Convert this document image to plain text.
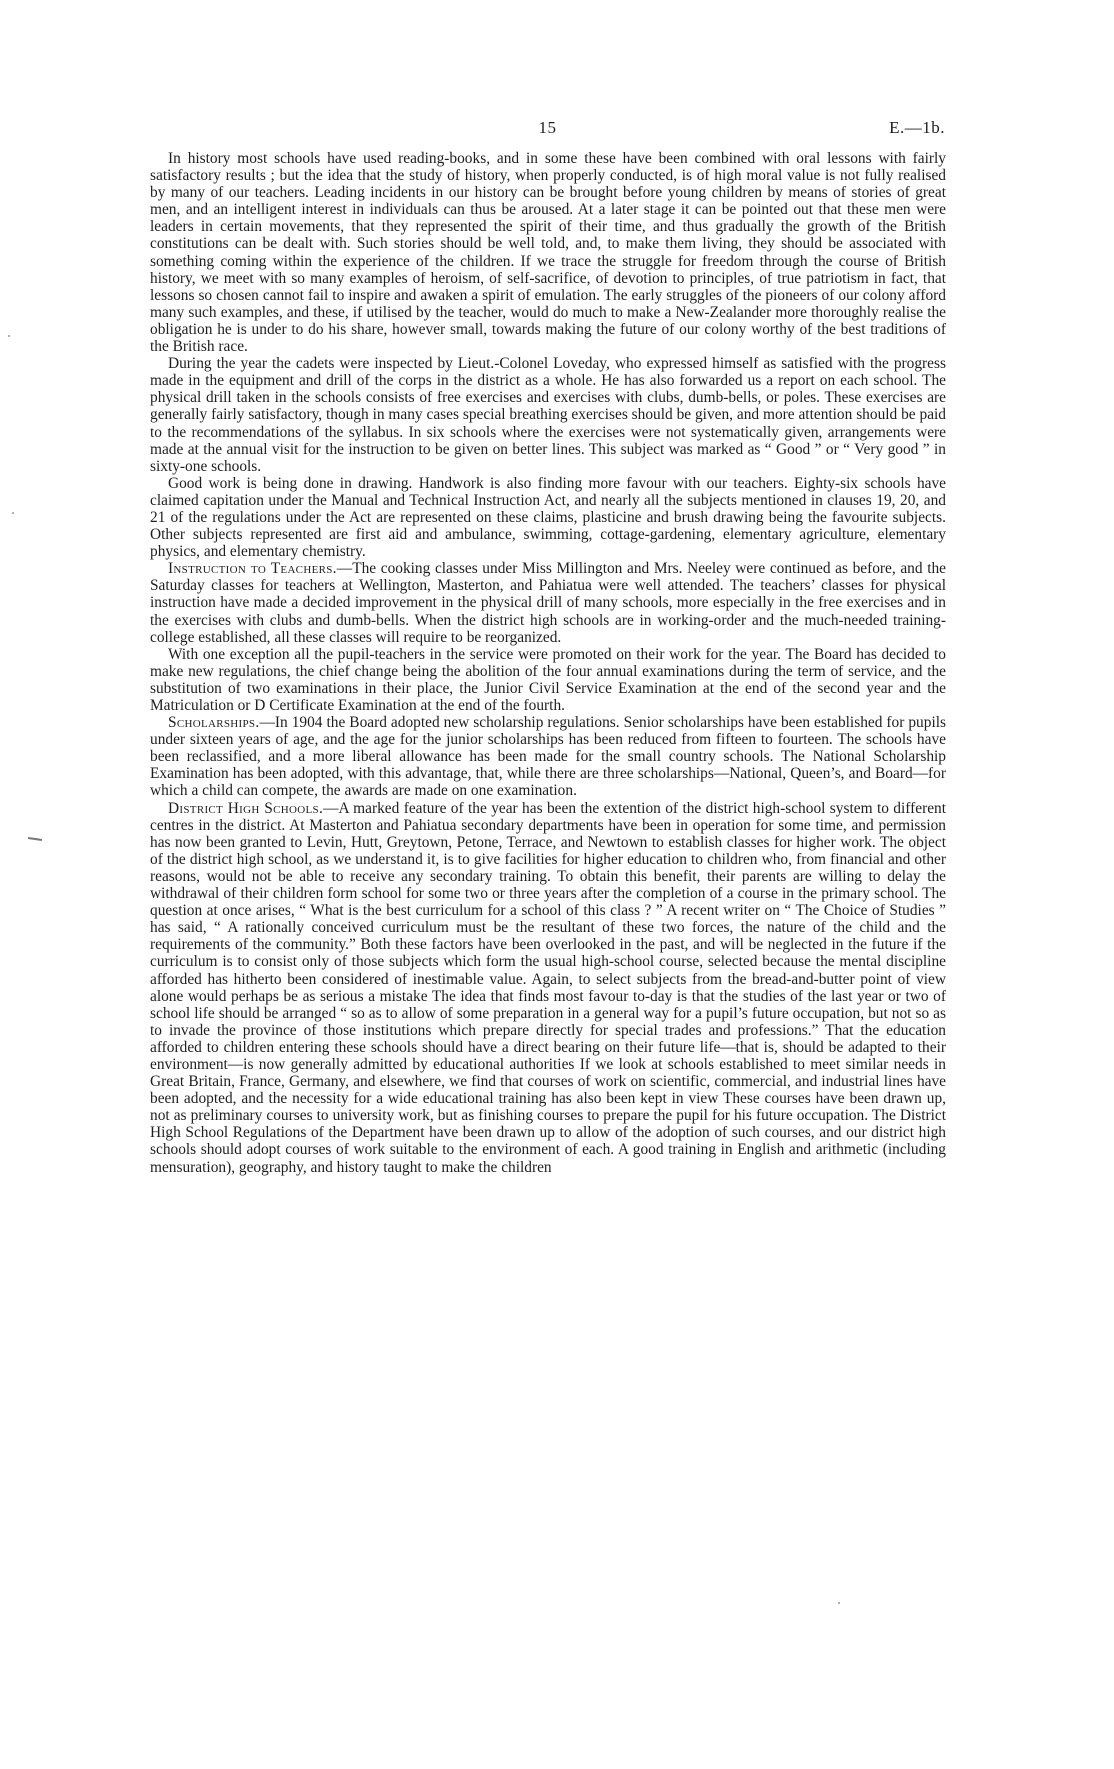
15	E.—1b.

In history most schools have used reading-books, and in some these have been combined with oral lessons with fairly satisfactory results ; but the idea that the study of history, when properly conducted, is of high moral value is not fully realised by many of our teachers. Leading incidents in our history can be brought before young children by means of stories of great men, and an intelligent interest in individuals can thus be aroused. At a later stage it can be pointed out that these men were leaders in certain movements, that they represented the spirit of their time, and thus gradually the growth of the British constitutions can be dealt with. Such stories should be well told, and, to make them living, they should be associated with something coming within the experience of the children. If we trace the struggle for freedom through the course of British history, we meet with so many examples of heroism, of self-sacrifice, of devotion to principles, of true patriotism in fact, that lessons so chosen cannot fail to inspire and awaken a spirit of emulation. The early struggles of the pioneers of our colony afford many such examples, and these, if utilised by the teacher, would do much to make a New-Zealander more thoroughly realise the obligation he is under to do his share, however small, towards making the future of our colony worthy of the best traditions of the British race.

During the year the cadets were inspected by Lieut.-Colonel Loveday, who expressed himself as satisfied with the progress made in the equipment and drill of the corps in the district as a whole. He has also forwarded us a report on each school. The physical drill taken in the schools consists of free exercises and exercises with clubs, dumb-bells, or poles. These exercises are generally fairly satisfactory, though in many cases special breathing exercises should be given, and more attention should be paid to the recommendations of the syllabus. In six schools where the exercises were not systematically given, arrangements were made at the annual visit for the instruction to be given on better lines. This subject was marked as “ Good ” or “ Very good ” in sixty-one schools.

Good work is being done in drawing. Handwork is also finding more favour with our teachers. Eighty-six schools have claimed capitation under the Manual and Technical Instruction Act, and nearly all the subjects mentioned in clauses 19, 20, and 21 of the regulations under the Act are represented on these claims, plasticine and brush drawing being the favourite subjects. Other subjects represented are first aid and ambulance, swimming, cottage-gardening, elementary agriculture, elementary physics, and elementary chemistry.

Instruction to Teachers.—The cooking classes under Miss Millington and Mrs. Neeley were continued as before, and the Saturday classes for teachers at Wellington, Masterton, and Pahiatua were well attended. The teachers’ classes for physical instruction have made a decided improvement in the physical drill of many schools, more especially in the free exercises and in the exercises with clubs and dumb-bells. When the district high schools are in working-order and the much-needed training-college established, all these classes will require to be reorganized.

With one exception all the pupil-teachers in the service were promoted on their work for the year. The Board has decided to make new regulations, the chief change being the abolition of the four annual examinations during the term of service, and the substitution of two examinations in their place, the Junior Civil Service Examination at the end of the second year and the Matriculation or D Certificate Examination at the end of the fourth.

Scholarships.—In 1904 the Board adopted new scholarship regulations. Senior scholarships have been established for pupils under sixteen years of age, and the age for the junior scholarships has been reduced from fifteen to fourteen. The schools have been reclassified, and a more liberal allowance has been made for the small country schools. The National Scholarship Examination has been adopted, with this advantage, that, while there are three scholarships—National, Queen’s, and Board—for which a child can compete, the awards are made on one examination.

District High Schools.—A marked feature of the year has been the extention of the district high-school system to different centres in the district. At Masterton and Pahiatua secondary departments have been in operation for some time, and permission has now been granted to Levin, Hutt, Greytown, Petone, Terrace, and Newtown to establish classes for higher work. The object of the district high school, as we understand it, is to give facilities for higher education to children who, from financial and other reasons, would not be able to receive any secondary training. To obtain this benefit, their parents are willing to delay the withdrawal of their children form school for some two or three years after the completion of a course in the primary school. The question at once arises, “ What is the best curriculum for a school of this class ? ” A recent writer on “ The Choice of Studies ” has said, “ A rationally conceived curriculum must be the resultant of these two forces, the nature of the child and the requirements of the community.” Both these factors have been overlooked in the past, and will be neglected in the future if the curriculum is to consist only of those subjects which form the usual high-school course, selected because the mental discipline afforded has hitherto been considered of inestimable value. Again, to select subjects from the bread-and-butter point of view alone would perhaps be as serious a mistake The idea that finds most favour to-day is that the studies of the last year or two of school life should be arranged “ so as to allow of some preparation in a general way for a pupil’s future occupation, but not so as to invade the province of those institutions which prepare directly for special trades and professions.” That the education afforded to children entering these schools should have a direct bearing on their future life—that is, should be adapted to their environment—is now generally admitted by educational authorities If we look at schools established to meet similar needs in Great Britain, France, Germany, and elsewhere, we find that courses of work on scientific, commercial, and industrial lines have been adopted, and the necessity for a wide educational training has also been kept in view These courses have been drawn up, not as preliminary courses to university work, but as finishing courses to prepare the pupil for his future occupation. The District High School Regulations of the Department have been drawn up to allow of the adoption of such courses, and our district high schools should adopt courses of work suitable to the environment of each. A good training in English and arithmetic (including mensuration), geography, and history taught to make the children
